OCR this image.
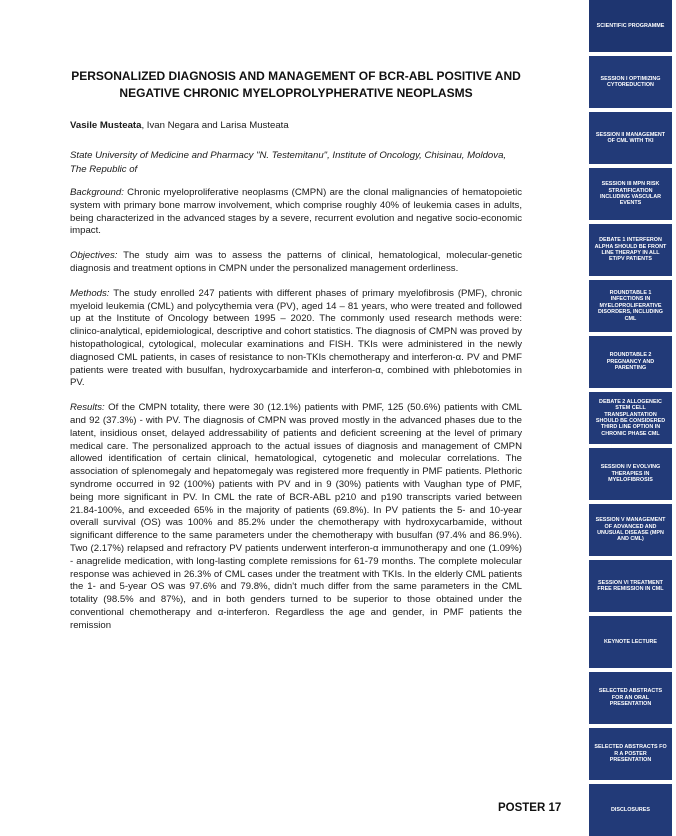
PERSONALIZED DIAGNOSIS AND MANAGEMENT OF BCR-ABL POSITIVE AND
NEGATIVE CHRONIC MYELOPROLYPHERATIVE NEOPLASMS
Vasile Musteata, Ivan Negara and Larisa Musteata
State University of Medicine and Pharmacy "N. Testemitanu", Institute of Oncology, Chisinau, Moldova, The Republic of

Background: Chronic myeloproliferative neoplasms (CMPN) are the clonal malignancies of hematopoietic system with primary bone marrow involvement, which comprise roughly 40% of leukemia cases in adults, being characterized in the advanced stages by a severe, recurrent evolution and negative socio-economic impact.

Objectives: The study aim was to assess the patterns of clinical, hematological, molecular-genetic diagnosis and treatment options in CMPN under the personalized management orderliness.

Methods: The study enrolled 247 patients with different phases of primary myelofibrosis (PMF), chronic myeloid leukemia (CML) and polycythemia vera (PV), aged 14 – 81 years, who were treated and followed up at the Institute of Oncology between 1995 – 2020. The commonly used research methods were: clinico-analytical, epidemiological, descriptive and cohort statistics. The diagnosis of CMPN was proved by histopathological, cytological, molecular examinations and FISH. TKIs were administered in the newly diagnosed CML patients, in cases of resistance to non-TKIs chemotherapy and interferon-α. PV and PMF patients were treated with busulfan, hydroxycarbamide and interferon-α, combined with phlebotomies in PV.

Results: Of the CMPN totality, there were 30 (12.1%) patients with PMF, 125 (50.6%) patients with CML and 92 (37.3%) - with PV. The diagnosis of CMPN was proved mostly in the advanced phases due to the latent, insidious onset, delayed addressability of patients and deficient screening at the level of primary medical care. The personalized approach to the actual issues of diagnosis and management of CMPN allowed identification of certain clinical, hematological, cytogenetic and molecular correlations. The association of splenomegaly and hepatomegaly was registered more frequently in PMF patients. Plethoric syndrome occurred in 92 (100%) patients with PV and in 9 (30%) patients with Vaughan type of PMF, being more significant in PV. In CML the rate of BCR-ABL p210 and p190 transcripts varied between 21.84-100%, and exceeded 65% in the majority of patients (69.8%). In PV patients the 5- and 10-year overall survival (OS) was 100% and 85.2% under the chemotherapy with hydroxycarbamide, without significant difference to the same parameters under the chemotherapy with busulfan (97.4% and 86.9%). Two (2.17%) relapsed and refractory PV patients underwent interferon-α immunotherapy and one (1.09%) - anagrelide medication, with long-lasting complete remissions for 61-79 months. The complete molecular response was achieved in 26.3% of CML cases under the treatment with TKIs. In the elderly CML patients the 1- and 5-year OS was 97.6% and 79.8%, didn't much differ from the same parameters in the CML totality (98.5% and 87%), and in both genders turned to be superior to those obtained under the conventional chemotherapy and α-interferon. Regardless the age and gender, in PMF patients the remission

POSTER 17
SCIENTIFIC PROGRAMME
SESSION I OPTIMIZING CYTOREDUCTION
SESSION II MANAGEMENT OF CML WITH TKI
SESSION III MPN RISK STRATIFICATION INCLUDING VASCULAR EVENTS
DEBATE 1 INTERFERON ALPHA SHOULD BE FRONT LINE THERAPY IN ALL ET/PV PATIENTS
ROUNDTABLE 1 INFECTIONS IN MYELOPROLIFERATIVE DISORDERS, INCLUDING CML
ROUNDTABLE 2 PREGNANCY AND PARENTING
DEBATE 2 ALLOGENEIC STEM CELL TRANSPLANTATION SHOULD BE CONSIDERED THIRD LINE OPTION IN CHRONIC PHASE CML
SESSION IV EVOLVING THERAPIES IN MYELOFIBROSIS
SESSION V MANAGEMENT OF ADVANCED AND UNUSUAL DISEASE (MPN AND CML)
SESSION VI TREATMENT FREE REMISSION IN CML
KEYNOTE LECTURE
SELECTED ABSTRACTS FOR AN ORAL PRESENTATION
SELECTED ABSTRACTS FO R A POSTER PRESENTATION
DISCLOSURES
